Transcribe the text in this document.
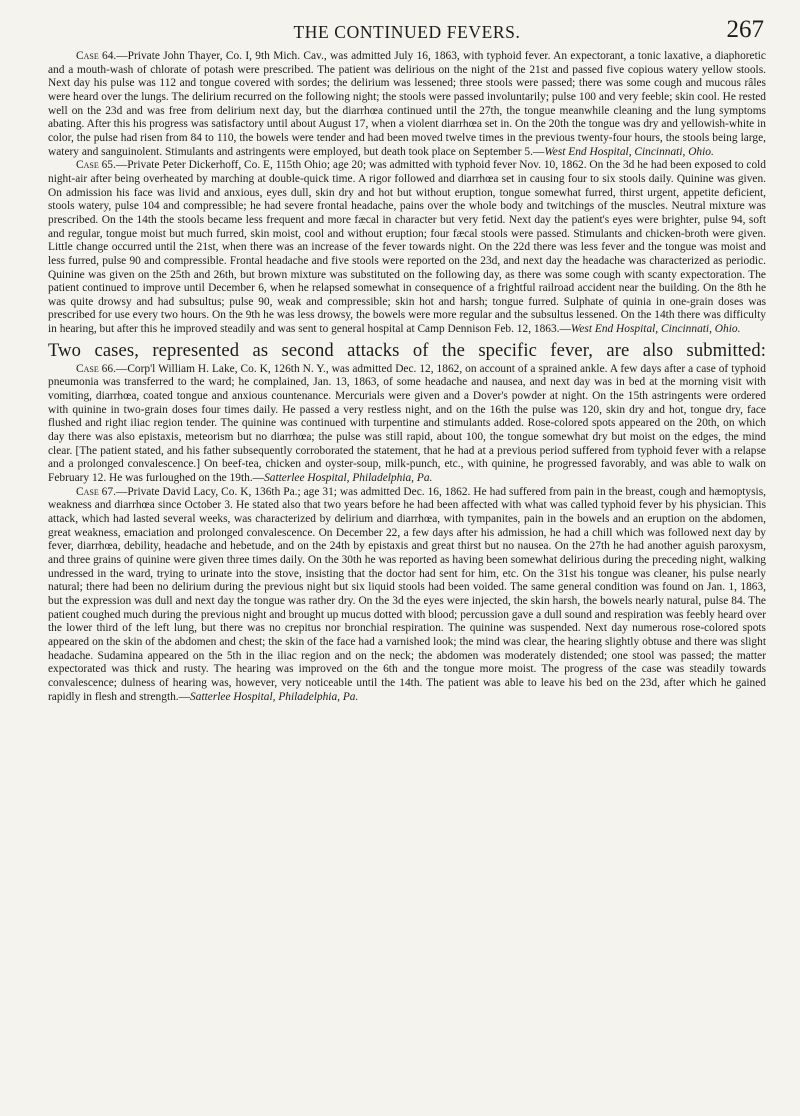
THE CONTINUED FEVERS.	267

Case 64.—Private John Thayer, Co. I, 9th Mich. Cav., was admitted July 16, 1863, with typhoid fever. An expectorant, a tonic laxative, a diaphoretic and a mouth-wash of chlorate of potash were prescribed. The patient was delirious on the night of the 21st and passed five copious watery yellow stools. Next day his pulse was 112 and tongue covered with sordes; the delirium was lessened; three stools were passed; there was some cough and mucous râles were heard over the lungs. The delirium recurred on the following night; the stools were passed involuntarily; pulse 100 and very feeble; skin cool. He rested well on the 23d and was free from delirium next day, but the diarrhœa continued until the 27th, the tongue meanwhile cleaning and the lung symptoms abating. After this his progress was satisfactory until about August 17, when a violent diarrhœa set in. On the 20th the tongue was dry and yellowish-white in color, the pulse had risen from 84 to 110, the bowels were tender and had been moved twelve times in the previous twenty-four hours, the stools being large, watery and sanguinolent. Stimulants and astringents were employed, but death took place on September 5.—West End Hospital, Cincinnati, Ohio.

Case 65.—Private Peter Dickerhoff, Co. E, 115th Ohio; age 20; was admitted with typhoid fever Nov. 10, 1862. On the 3d he had been exposed to cold night-air after being overheated by marching at double-quick time. A rigor followed and diarrhœa set in causing four to six stools daily. Quinine was given. On admission his face was livid and anxious, eyes dull, skin dry and hot but without eruption, tongue somewhat furred, thirst urgent, appetite deficient, stools watery, pulse 104 and compressible; he had severe frontal headache, pains over the whole body and twitchings of the muscles. Neutral mixture was prescribed. On the 14th the stools became less frequent and more fæcal in character but very fetid. Next day the patient's eyes were brighter, pulse 94, soft and regular, tongue moist but much furred, skin moist, cool and without eruption; four fæcal stools were passed. Stimulants and chicken-broth were given. Little change occurred until the 21st, when there was an increase of the fever towards night. On the 22d there was less fever and the tongue was moist and less furred, pulse 90 and compressible. Frontal headache and five stools were reported on the 23d, and next day the headache was characterized as periodic. Quinine was given on the 25th and 26th, but brown mixture was substituted on the following day, as there was some cough with scanty expectoration. The patient continued to improve until December 6, when he relapsed somewhat in consequence of a frightful railroad accident near the building. On the 8th he was quite drowsy and had subsultus; pulse 90, weak and compressible; skin hot and harsh; tongue furred. Sulphate of quinia in one-grain doses was prescribed for use every two hours. On the 9th he was less drowsy, the bowels were more regular and the subsultus lessened. On the 14th there was difficulty in hearing, but after this he improved steadily and was sent to general hospital at Camp Dennison Feb. 12, 1863.—West End Hospital, Cincinnati, Ohio.

Two cases, represented as second attacks of the specific fever, are also submitted:

Case 66.—Corp'l William H. Lake, Co. K, 126th N. Y., was admitted Dec. 12, 1862, on account of a sprained ankle. A few days after a case of typhoid pneumonia was transferred to the ward; he complained, Jan. 13, 1863, of some headache and nausea, and next day was in bed at the morning visit with vomiting, diarrhœa, coated tongue and anxious countenance. Mercurials were given and a Dover's powder at night. On the 15th astringents were ordered with quinine in two-grain doses four times daily. He passed a very restless night, and on the 16th the pulse was 120, skin dry and hot, tongue dry, face flushed and right iliac region tender. The quinine was continued with turpentine and stimulants added. Rose-colored spots appeared on the 20th, on which day there was also epistaxis, meteorism but no diarrhœa; the pulse was still rapid, about 100, the tongue somewhat dry but moist on the edges, the mind clear. [The patient stated, and his father subsequently corroborated the statement, that he had at a previous period suffered from typhoid fever with a relapse and a prolonged convalescence.] On beef-tea, chicken and oyster-soup, milk-punch, etc., with quinine, he progressed favorably, and was able to walk on February 12. He was furloughed on the 19th.—Satterlee Hospital, Philadelphia, Pa.

Case 67.—Private David Lacy, Co. K, 136th Pa.; age 31; was admitted Dec. 16, 1862. He had suffered from pain in the breast, cough and hæmoptysis, weakness and diarrhœa since October 3. He stated also that two years before he had been affected with what was called typhoid fever by his physician. This attack, which had lasted several weeks, was characterized by delirium and diarrhœa, with tympanites, pain in the bowels and an eruption on the abdomen, great weakness, emaciation and prolonged convalescence. On December 22, a few days after his admission, he had a chill which was followed next day by fever, diarrhœa, debility, headache and hebetude, and on the 24th by epistaxis and great thirst but no nausea. On the 27th he had another aguish paroxysm, and three grains of quinine were given three times daily. On the 30th he was reported as having been somewhat delirious during the preceding night, walking undressed in the ward, trying to urinate into the stove, insisting that the doctor had sent for him, etc. On the 31st his tongue was cleaner, his pulse nearly natural; there had been no delirium during the previous night but six liquid stools had been voided. The same general condition was found on Jan. 1, 1863, but the expression was dull and next day the tongue was rather dry. On the 3d the eyes were injected, the skin harsh, the bowels nearly natural, pulse 84. The patient coughed much during the previous night and brought up mucus dotted with blood; percussion gave a dull sound and respiration was feebly heard over the lower third of the left lung, but there was no crepitus nor bronchial respiration. The quinine was suspended. Next day numerous rose-colored spots appeared on the skin of the abdomen and chest; the skin of the face had a varnished look; the mind was clear, the hearing slightly obtuse and there was slight headache. Sudamina appeared on the 5th in the iliac region and on the neck; the abdomen was moderately distended; one stool was passed; the matter expectorated was thick and rusty. The hearing was improved on the 6th and the tongue more moist. The progress of the case was steadily towards convalescence; dulness of hearing was, however, very noticeable until the 14th. The patient was able to leave his bed on the 23d, after which he gained rapidly in flesh and strength.—Satterlee Hospital, Philadelphia, Pa.
